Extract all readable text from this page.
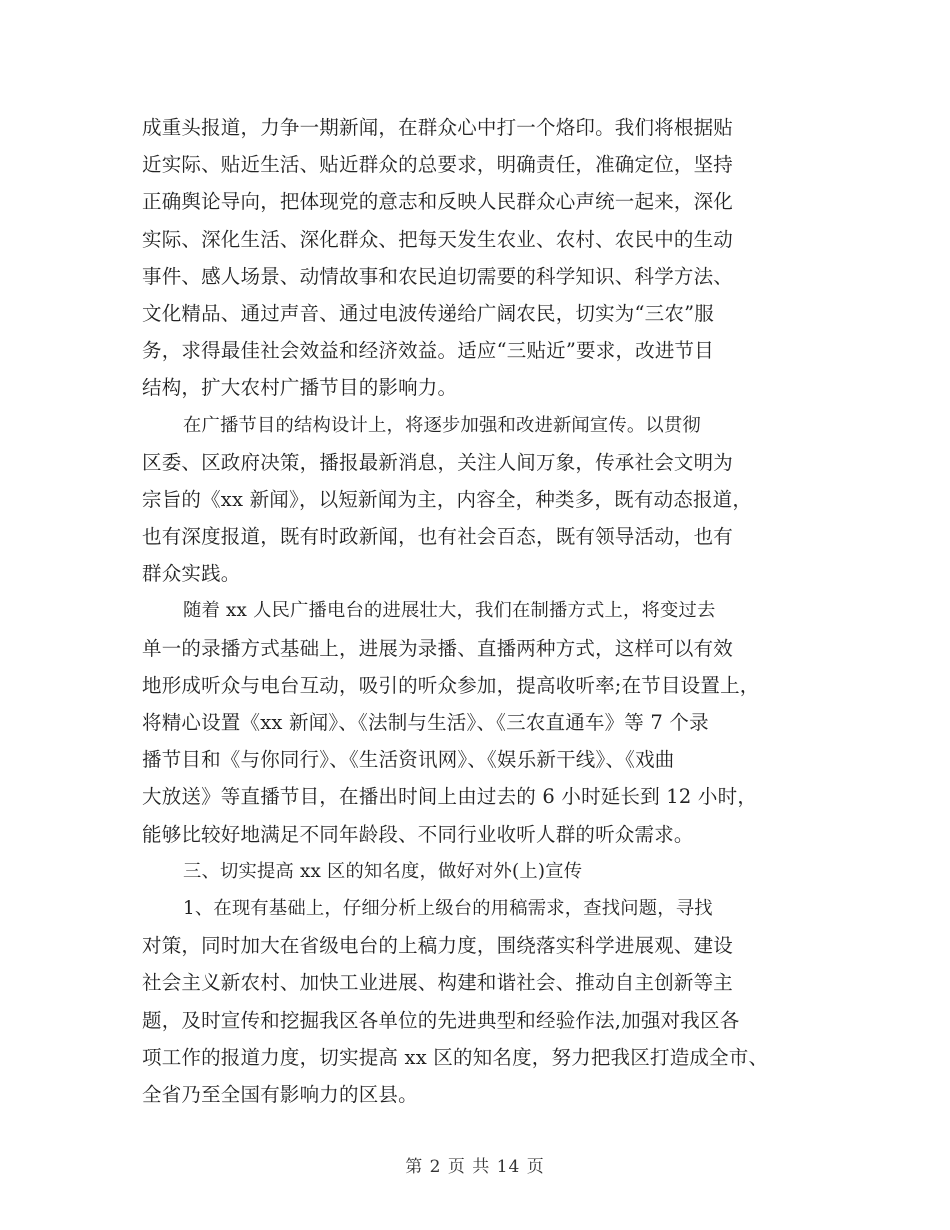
成重头报道，力争一期新闻，在群众心中打一个烙印。我们将根据贴
近实际、贴近生活、贴近群众的总要求，明确责任，准确定位，坚持
正确舆论导向，把体现党的意志和反映人民群众心声统一起来，深化
实际、深化生活、深化群众、把每天发生农业、农村、农民中的生动
事件、感人场景、动情故事和农民迫切需要的科学知识、科学方法、
文化精品、通过声音、通过电波传递给广阔农民，切实为“三农”服
务，求得最佳社会效益和经济效益。适应“三贴近”要求，改进节目
结构，扩大农村广播节目的影响力。
在广播节目的结构设计上，将逐步加强和改进新闻宣传。以贯彻
区委、区政府决策，播报最新消息，关注人间万象，传承社会文明为
宗旨的《xx 新闻》，以短新闻为主，内容全，种类多，既有动态报道，
也有深度报道，既有时政新闻，也有社会百态，既有领导活动，也有
群众实践。
随着 xx 人民广播电台的进展壮大，我们在制播方式上，将变过去
单一的录播方式基础上，进展为录播、直播两种方式，这样可以有效
地形成听众与电台互动，吸引的听众参加，提高收听率;在节目设置上，
将精心设置《xx 新闻》、《法制与生活》、《三农直通车》等 7 个录
播节目和《与你同行》、《生活资讯网》、《娱乐新干线》、《戏曲
大放送》等直播节目，在播出时间上由过去的 6 小时延长到 12 小时，
能够比较好地满足不同年龄段、不同行业收听人群的听众需求。
三、切实提高 xx 区的知名度，做好对外(上)宣传
1、在现有基础上，仔细分析上级台的用稿需求，查找问题，寻找
对策，同时加大在省级电台的上稿力度，围绕落实科学进展观、建设
社会主义新农村、加快工业进展、构建和谐社会、推动自主创新等主
题，及时宣传和挖掘我区各单位的先进典型和经验作法,加强对我区各
项工作的报道力度，切实提高 xx 区的知名度，努力把我区打造成全市、
全省乃至全国有影响力的区县。
第 2 页 共 14 页
